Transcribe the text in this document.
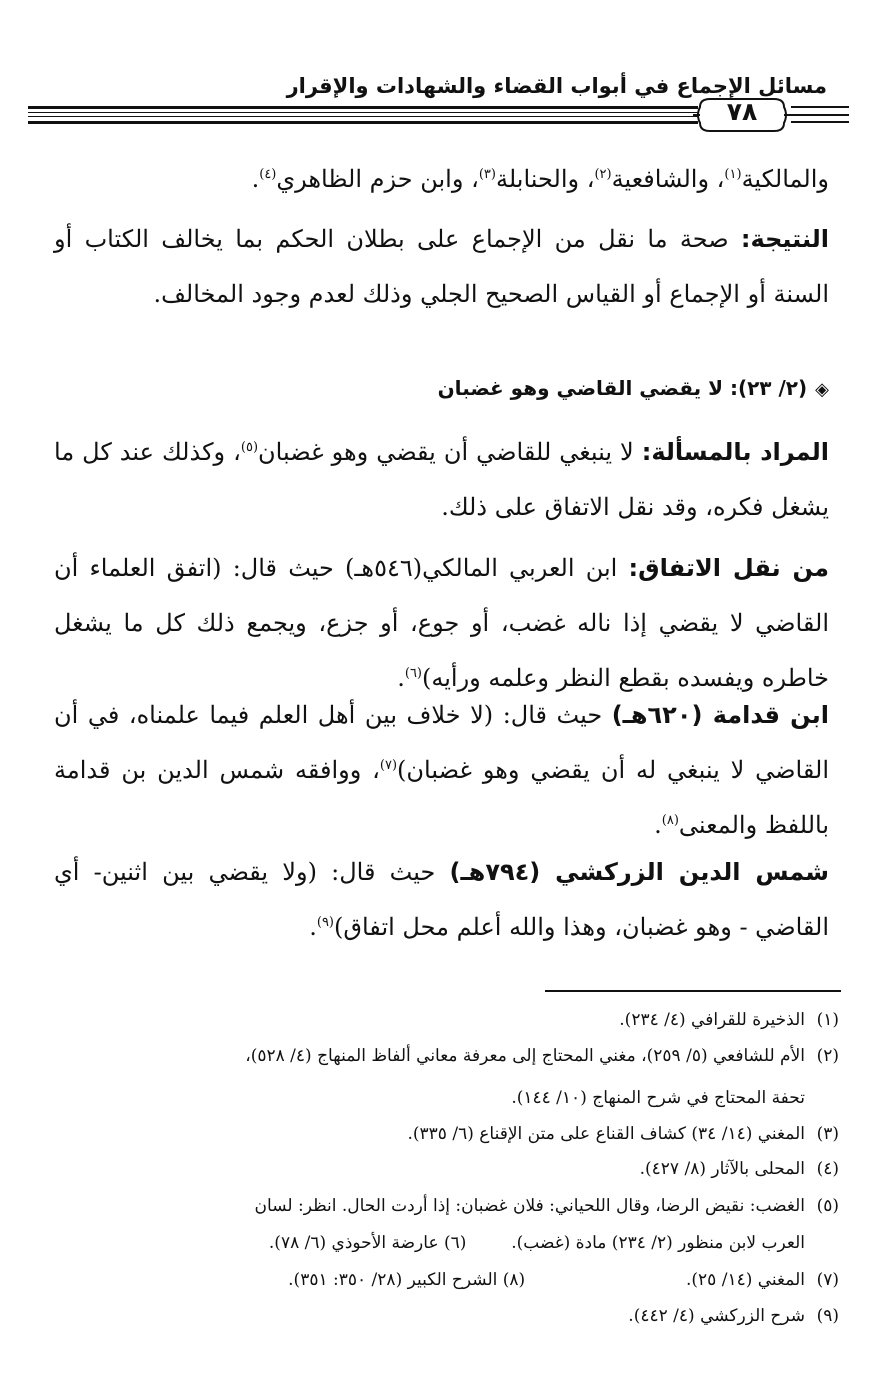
مسائل الإجماع في أبواب القضاء والشهادات والإقرار
٧٨
والمالكية$^{(١)}$، والشافعية$^{(٢)}$، والحنابلة$^{(٣)}$، وابن حزم الظاهري$^{(٤)}$.
النتيجة: صحة ما نقل من الإجماع على بطلان الحكم بما يخالف الكتاب أو السنة أو الإجماع أو القياس الصحيح الجلي وذلك لعدم وجود المخالف.
◈(٢/ ٢٣): لا يقضي القاضي وهو غضبان
المراد بالمسألة: لا ينبغي للقاضي أن يقضي وهو غضبان$^{(٥)}$، وكذلك عند كل ما يشغل فكره، وقد نقل الاتفاق على ذلك.
من نقل الاتفاق: ابن العربي المالكي(٥٤٦هـ) حيث قال: (اتفق العلماء أن القاضي لا يقضي إذا ناله غضب، أو جوع، أو جزع، ويجمع ذلك كل ما يشغل خاطره ويفسده بقطع النظر وعلمه ورأيه)$^{(٦)}$.
ابن قدامة (٦٢٠هـ) حيث قال: (لا خلاف بين أهل العلم فيما علمناه، في أن القاضي لا ينبغي له أن يقضي وهو غضبان)$^{(٧)}$، ووافقه شمس الدين بن قدامة باللفظ والمعنى$^{(٨)}$.
شمس الدين الزركشي (٧٩٤هـ) حيث قال: (ولا يقضي بين اثنين- أي القاضي - وهو غضبان، وهذا والله أعلم محل اتفاق)$^{(٩)}$.
(١)الذخيرة للقرافي (٤/ ٢٣٤).
(٢)الأم للشافعي (٥/ ٢٥٩)، مغني المحتاج إلى معرفة معاني ألفاظ المنهاج (٤/ ٥٢٨)،
تحفة المحتاج في شرح المنهاج (١٠/ ١٤٤).
(٣)المغني (١٤/ ٣٤) كشاف القناع على متن الإقناع (٦/ ٣٣٥).
(٤)المحلى بالآثار (٨/ ٤٢٧).
(٥)الغضب: نقيض الرضا، وقال اللحياني: فلان غضبان: إذا أردت الحال. انظر: لسان
العرب لابن منظور (٢/ ٢٣٤) مادة (غضب).  (٦) عارضة الأحوذي (٦/ ٧٨).
(٧)المغني (١٤/ ٢٥).  (٨) الشرح الكبير (٢٨/ ٣٥٠: ٣٥١).
(٩)شرح الزركشي (٤/ ٤٤٢).
